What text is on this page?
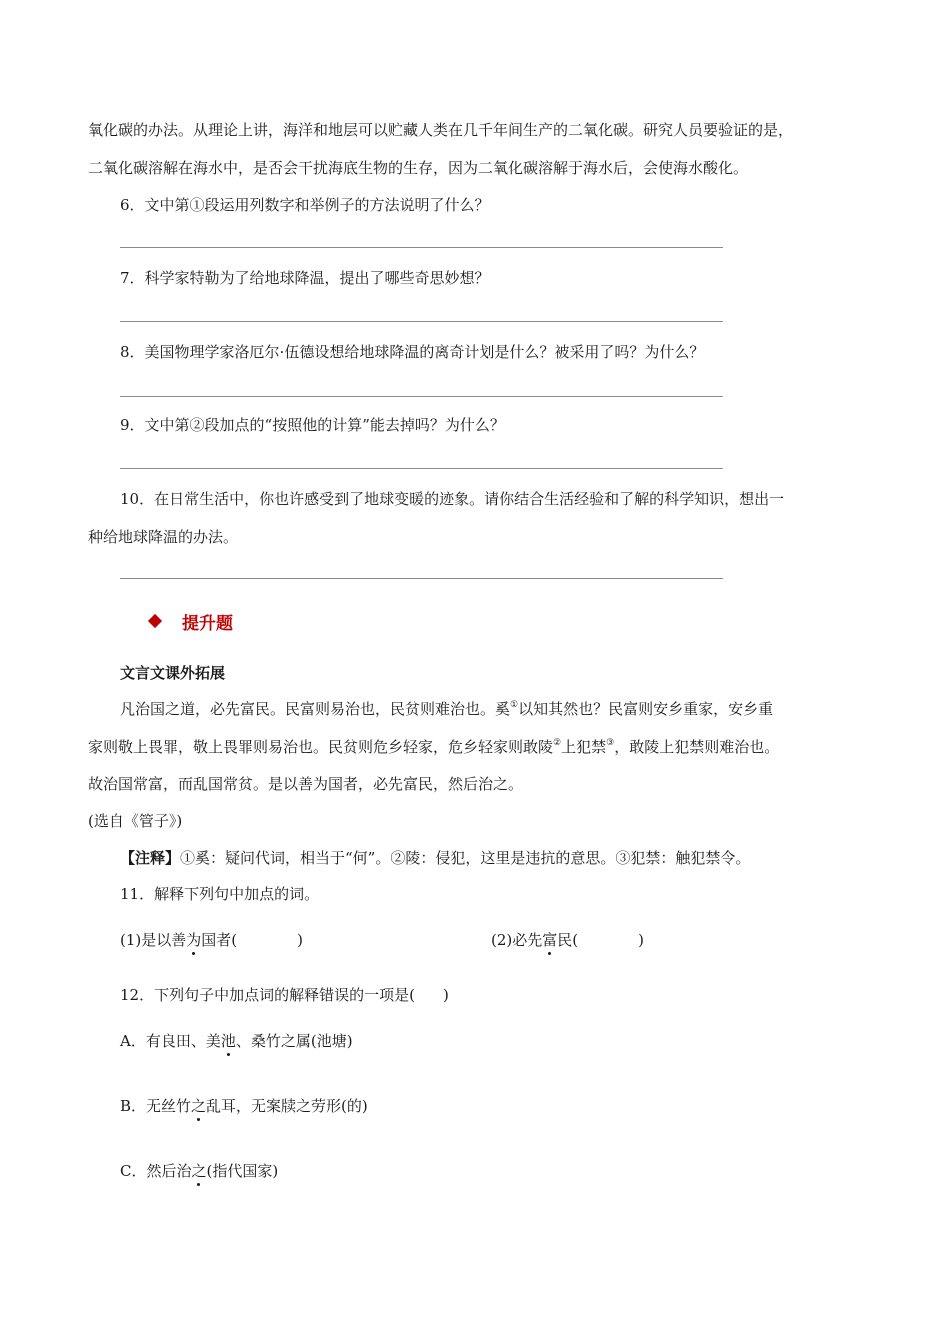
氧化碳的办法。从理论上讲，海洋和地层可以贮藏人类在几千年间生产的二氧化碳。研究人员要验证的是，
二氧化碳溶解在海水中，是否会干扰海底生物的生存，因为二氧化碳溶解于海水后，会使海水酸化。
6．文中第①段运用列数字和举例子的方法说明了什么？
7．科学家特勒为了给地球降温，提出了哪些奇思妙想？
8．美国物理学家洛厄尔·伍德设想给地球降温的离奇计划是什么？被采用了吗？为什么？
9．文中第②段加点的“按照他的计算”能去掉吗？为什么？
10．在日常生活中，你也许感受到了地球变暖的迹象。请你结合生活经验和了解的科学知识，想出一
种给地球降温的办法。
提升题
文言文课外拓展
凡治国之道，必先富民。民富则易治也，民贫则难治也。奚①以知其然也？民富则安乡重家，安乡重
家则敬上畏罪，敬上畏罪则易治也。民贫则危乡轻家，危乡轻家则敢陵②上犯禁③，敢陵上犯禁则难治也。
故治国常富，而乱国常贫。是以善为国者，必先富民，然后治之。
(选自《管子》)
【注释】①奚：疑问代词，相当于“何”。②陵：侵犯，这里是违抗的意思。③犯禁：触犯禁令。
11．解释下列句中加点的词。
(1)是以善为国者(	)	(2)必先富民(	)
12．下列句子中加点词的解释错误的一项是( )
A．有良田、美池、桑竹之属(池塘)
B．无丝竹之乱耳，无案牍之劳形(的)
C．然后治之(指代国家)
